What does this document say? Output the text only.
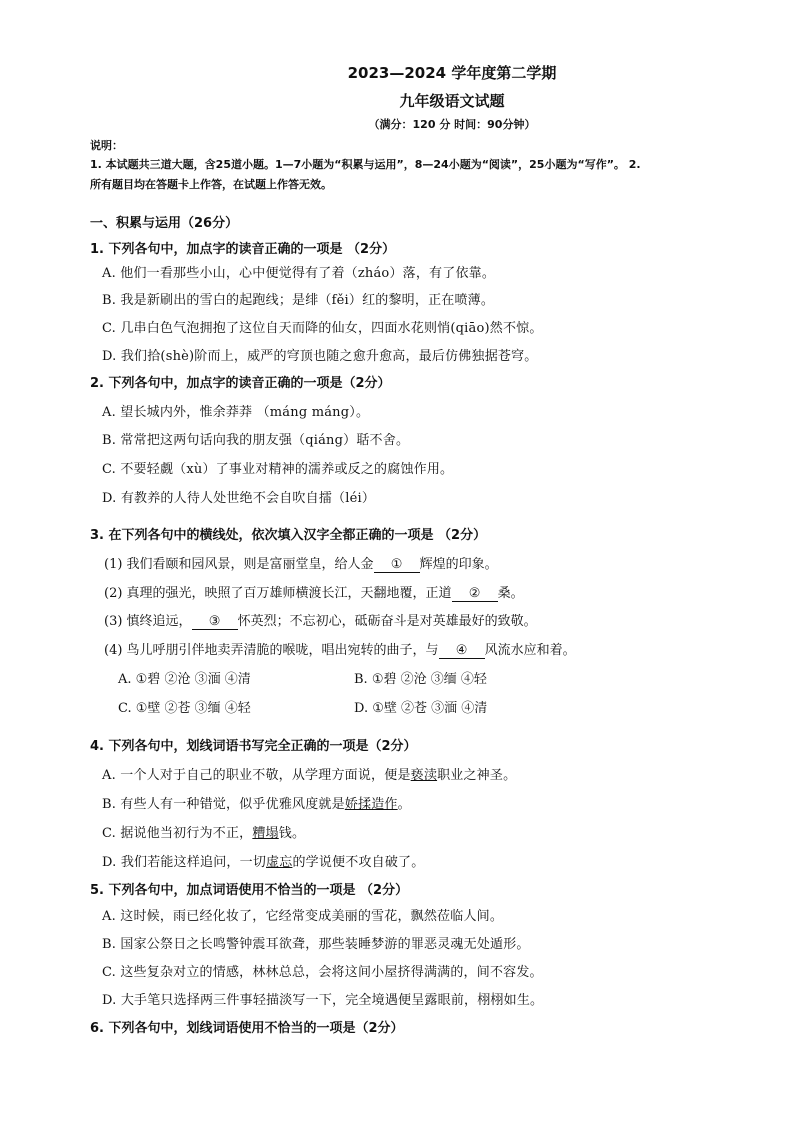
2023—2024 学年度第二学期
九年级语文试题
（满分：120 分 时间：90分钟）
说明：
1. 本试题共三道大题，含25道小题。1—7小题为“积累与运用”，8—24小题为“阅读”，25小题为“写作”。 2.
所有题目均在答题卡上作答，在试题上作答无效。
一、积累与运用（26分）
1. 下列各句中，加点字的读音正确的一项是 （2分）
A. 他们一看那些小山，心中便觉得有了着（zháo）落，有了依靠。
B. 我是新刷出的雪白的起跑线；是绯（fěi）红的黎明，正在喷薄。
C. 几串白色气泡拥抱了这位自天而降的仙女，四面水花则悄(qiāo)然不惊。
D. 我们拾(shè)阶而上，威严的穹顶也随之愈升愈高，最后仿佛独据苍穹。
2. 下列各句中，加点字的读音正确的一项是（2分）
A. 望长城内外，惟余莽莽 （máng máng）。
B. 常常把这两句话向我的朋友强（qiáng）聒不舍。
C. 不要轻觑（xù）了事业对精神的濡养或反之的腐蚀作用。
D. 有教养的人待人处世绝不会自吹自擂（léi）
3. 在下列各句中的横线处，依次填入汉字全都正确的一项是 （2分）
(1) 我们看颐和园风景，则是富丽堂皇，给人金 ① 辉煌的印象。
(2) 真理的强光，映照了百万雄师横渡长江，天翻地覆，正道 ② 桑。
(3) 慎终追远， ③ 怀英烈；不忘初心，砥砺奋斗是对英雄最好的致敬。
(4) 鸟儿呼朋引伴地卖弄清脆的喉咙，唱出宛转的曲子，与 ④ 风流水应和着。
A. ①碧 ②沧 ③湎 ④清	B. ①碧 ②沧 ③缅 ④轻
C. ①壁 ②苍 ③缅 ④轻	D. ①壁 ②苍 ③湎 ④清
4. 下列各句中，划线词语书写完全正确的一项是（2分）
A. 一个人对于自己的职业不敬，从学理方面说，便是亵渎职业之神圣。
B. 有些人有一种错觉，似乎优雅风度就是娇揉造作。
C. 据说他当初行为不正，糟塌钱。
D. 我们若能这样追问，一切虚忘的学说便不攻自破了。
5. 下列各句中，加点词语使用不恰当的一项是 （2分）
A. 这时候，雨已经化妆了，它经常变成美丽的雪花，飘然莅临人间。
B. 国家公祭日之长鸣警钟震耳欲聋，那些装睡梦游的罪恶灵魂无处遁形。
C. 这些复杂对立的情感，林林总总，会将这间小屋挤得满满的，间不容发。
D. 大手笔只选择两三件事轻描淡写一下，完全境遇便呈露眼前，栩栩如生。
6. 下列各句中，划线词语使用不恰当的一项是（2分）
